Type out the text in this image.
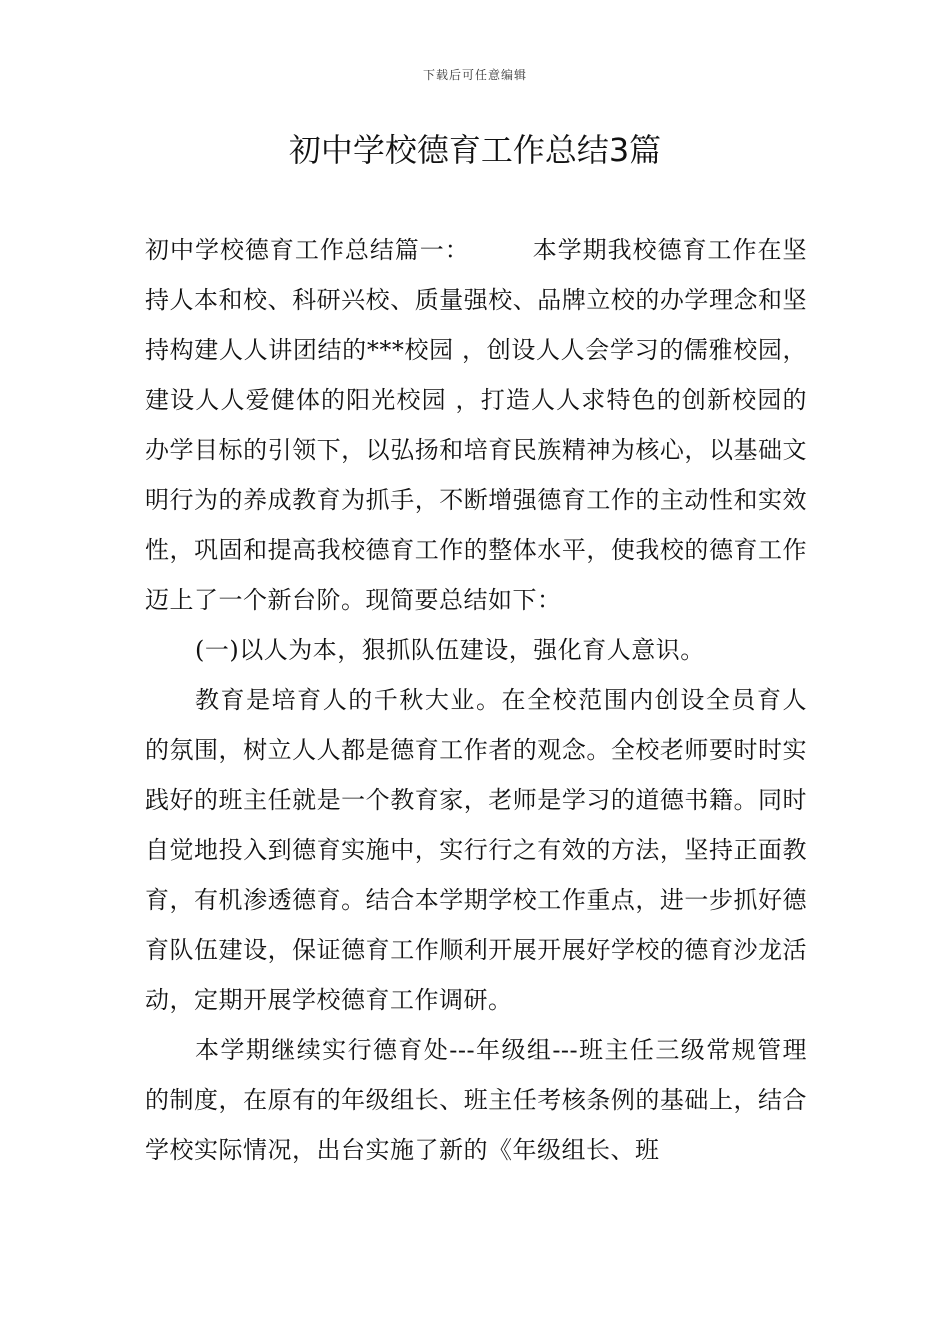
下载后可任意编辑
初中学校德育工作总结3篇

初中学校德育工作总结篇一：　　　本学期我校德育工作在坚持人本和校、科研兴校、质量强校、品牌立校的办学理念和坚持构建人人讲团结的***校园 ，创设人人会学习的儒雅校园，建设人人爱健体的阳光校园 ，打造人人求特色的创新校园的办学目标的引领下，以弘扬和培育民族精神为核心，以基础文明行为的养成教育为抓手，不断增强德育工作的主动性和实效性，巩固和提高我校德育工作的整体水平，使我校的德育工作迈上了一个新台阶。现简要总结如下：

(一)以人为本，狠抓队伍建设，强化育人意识。

教育是培育人的千秋大业。在全校范围内创设全员育人的氛围，树立人人都是德育工作者的观念。全校老师要时时实践好的班主任就是一个教育家，老师是学习的道德书籍。同时自觉地投入到德育实施中，实行行之有效的方法，坚持正面教育，有机渗透德育。结合本学期学校工作重点，进一步抓好德育队伍建设，保证德育工作顺利开展开展好学校的德育沙龙活动，定期开展学校德育工作调研。

本学期继续实行德育处---年级组---班主任三级常规管理的制度，在原有的年级组长、班主任考核条例的基础上，结合学校实际情况，出台实施了新的《年级组长、班
